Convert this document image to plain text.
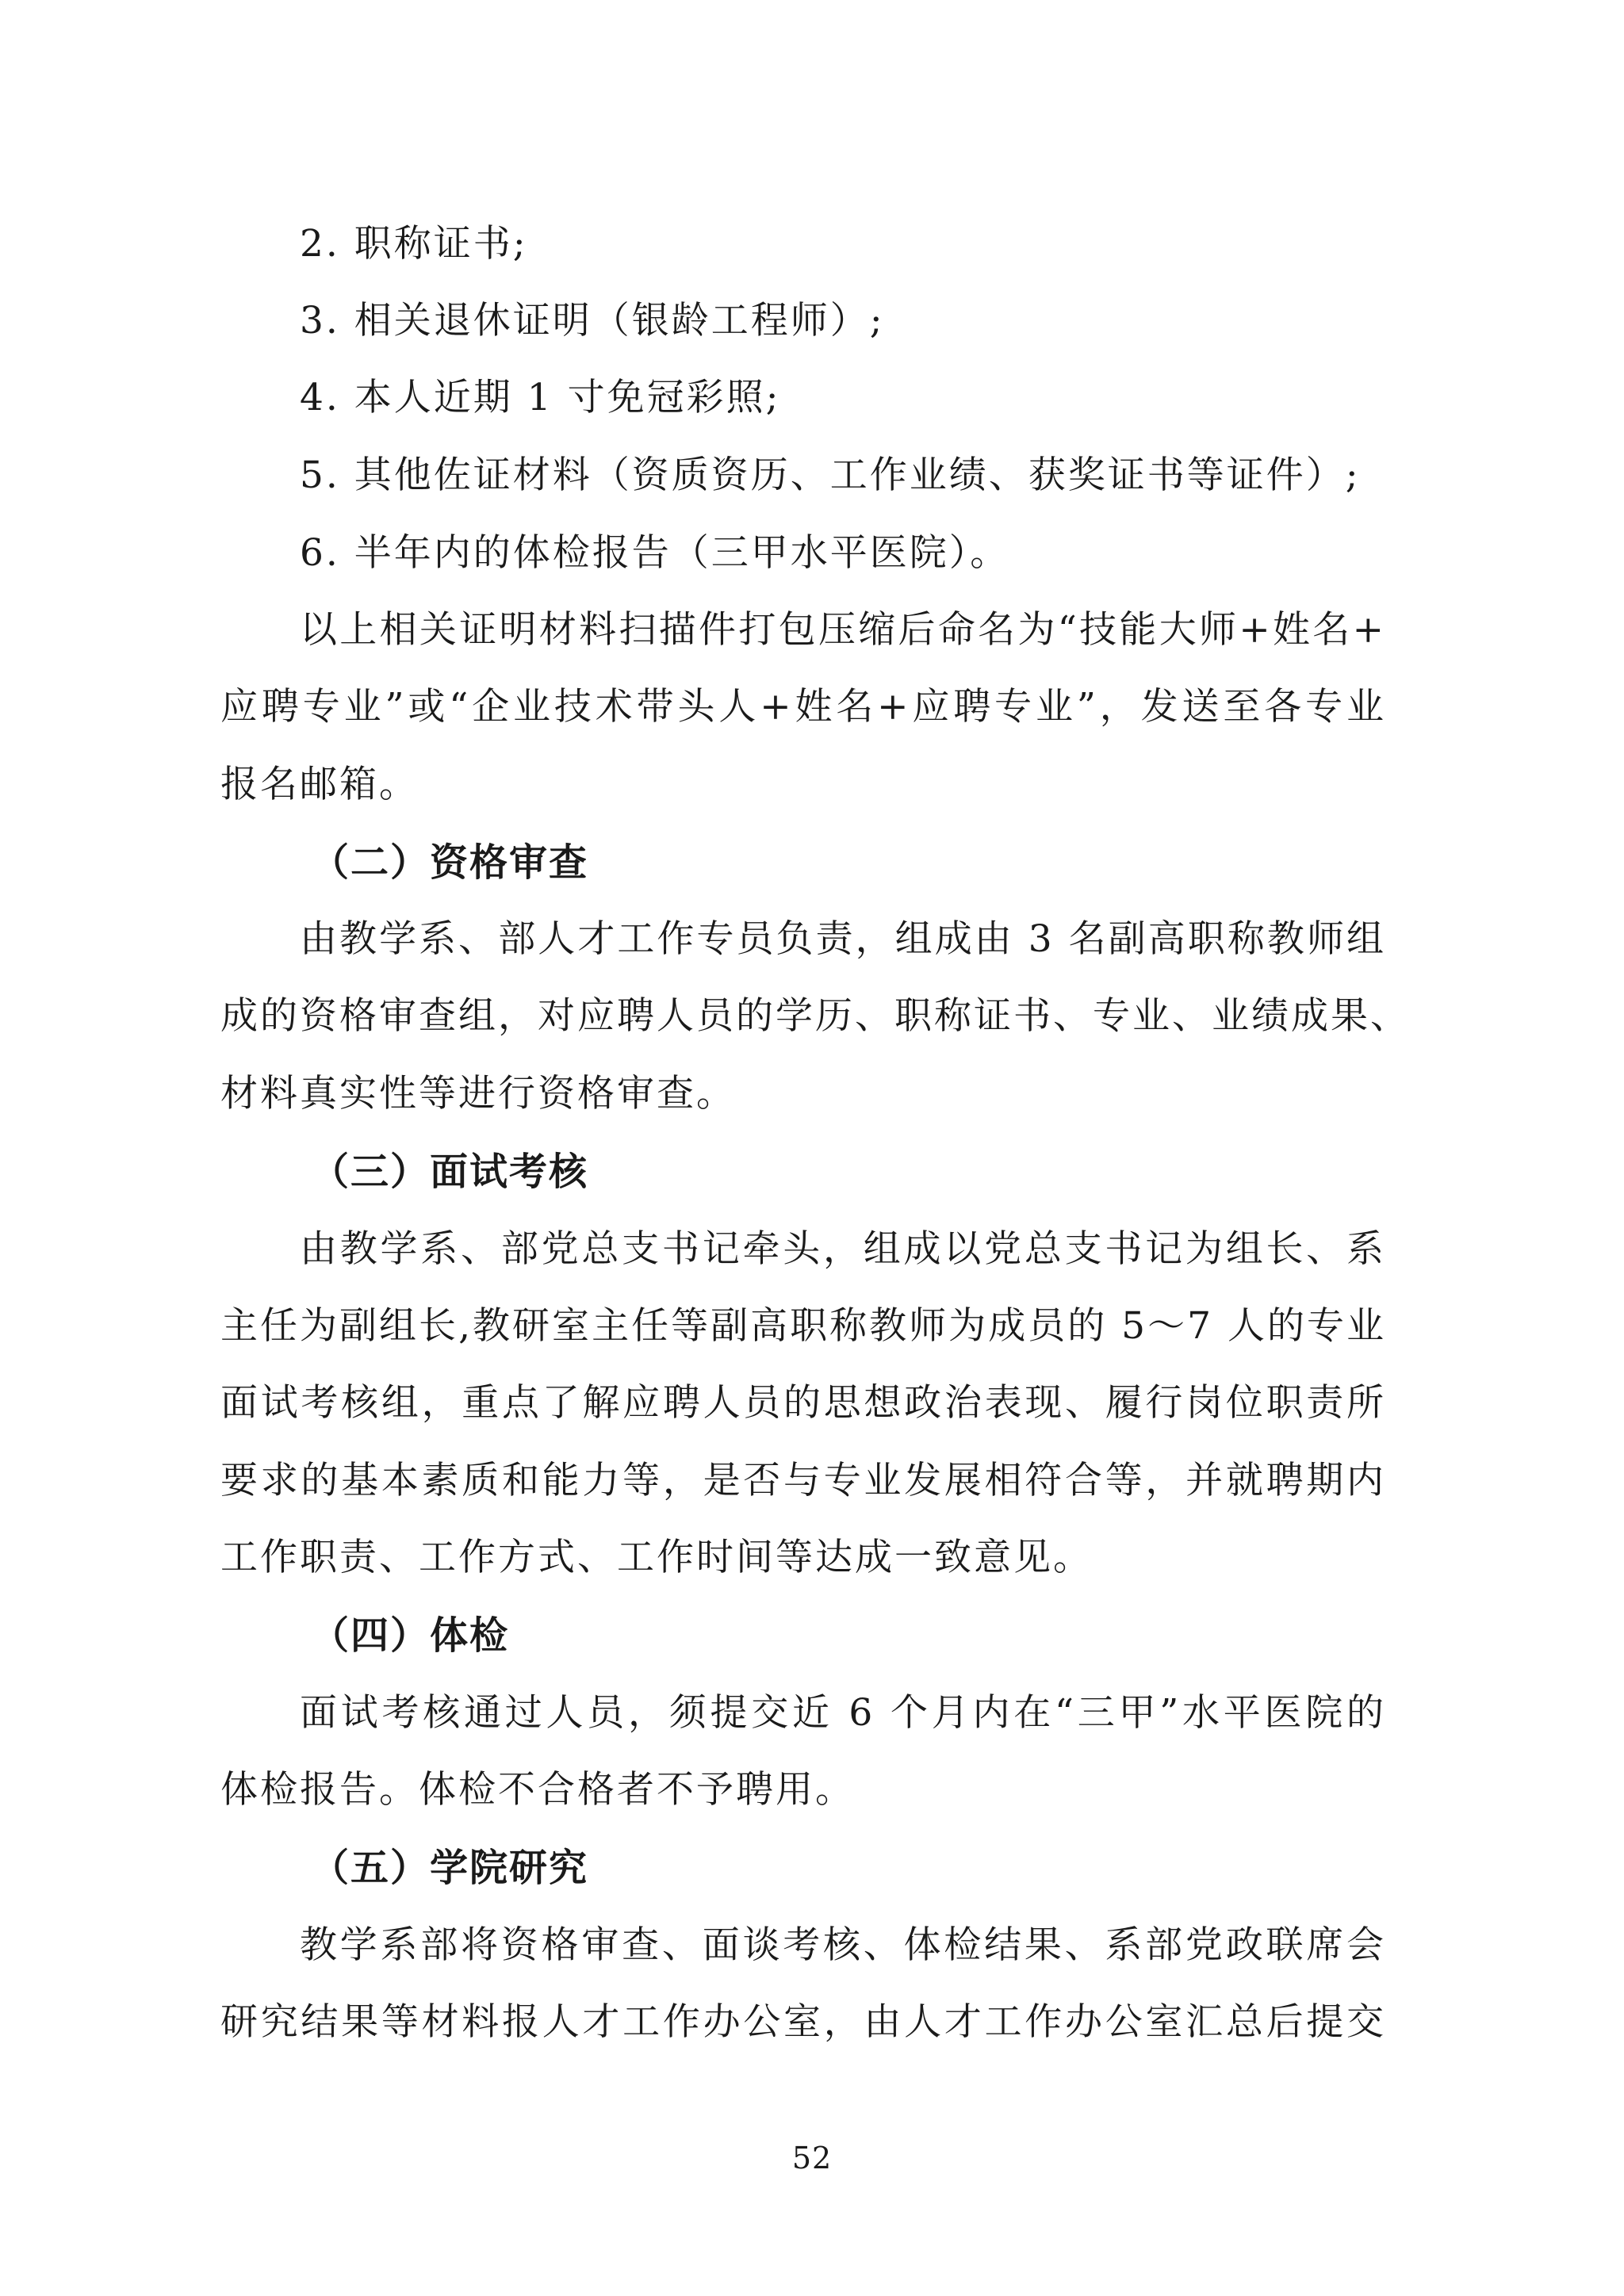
2. 职称证书;
3. 相关退休证明（银龄工程师）;
4. 本人近期 1 寸免冠彩照;
5. 其他佐证材料（资质资历、工作业绩、获奖证书等证件）;
6. 半年内的体检报告（三甲水平医院）。
以上相关证明材料扫描件打包压缩后命名为“技能大师+姓名+
应聘专业”或“企业技术带头人+姓名+应聘专业”，发送至各专业
报名邮箱。
（二）资格审查
由教学系、部人才工作专员负责，组成由 3 名副高职称教师组
成的资格审查组，对应聘人员的学历、职称证书、专业、业绩成果、
材料真实性等进行资格审查。
（三）面试考核
由教学系、部党总支书记牵头，组成以党总支书记为组长、系
主任为副组长,教研室主任等副高职称教师为成员的 5～7 人的专业
面试考核组，重点了解应聘人员的思想政治表现、履行岗位职责所
要求的基本素质和能力等，是否与专业发展相符合等，并就聘期内
工作职责、工作方式、工作时间等达成一致意见。
（四）体检
面试考核通过人员，须提交近 6 个月内在“三甲”水平医院的
体检报告。体检不合格者不予聘用。
（五）学院研究
教学系部将资格审查、面谈考核、体检结果、系部党政联席会
研究结果等材料报人才工作办公室，由人才工作办公室汇总后提交
52
